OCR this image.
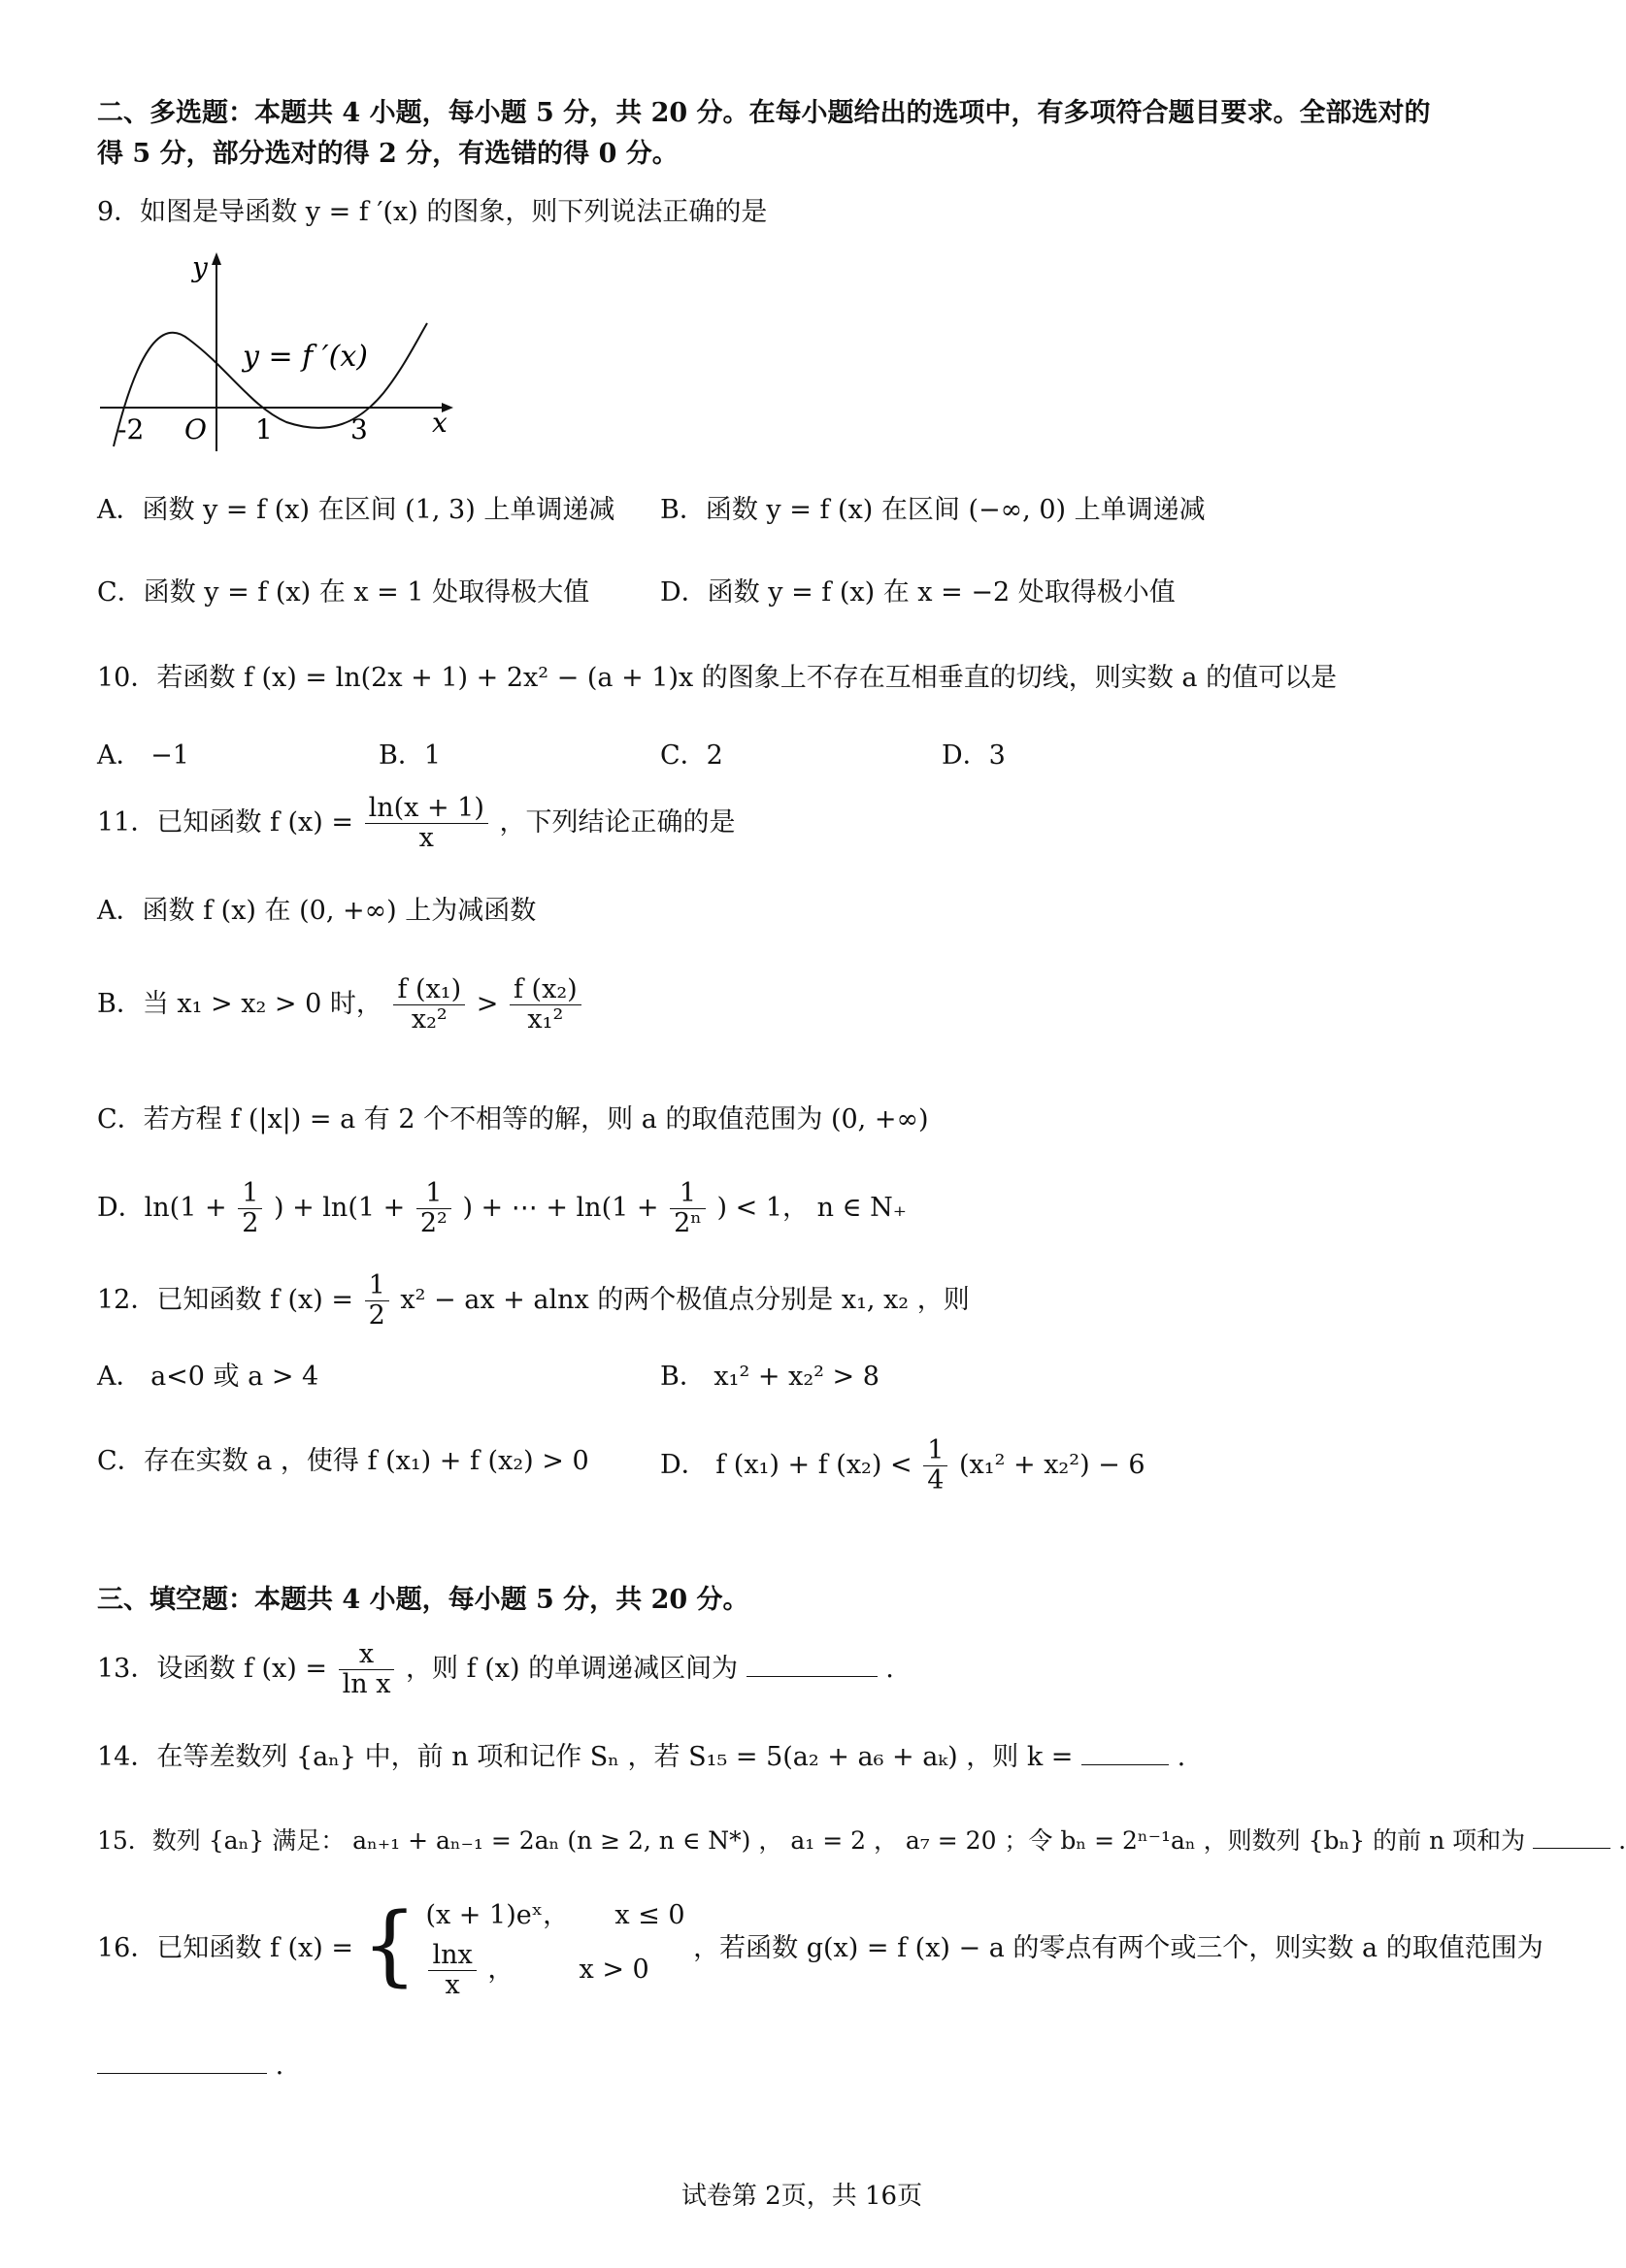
二、多选题：本题共 4 小题，每小题 5 分，共 20 分。在每小题给出的选项中，有多项符合题目要求。全部选对的
得 5 分，部分选对的得 2 分，有选错的得 0 分。
9．如图是导函数 y = f ′(x) 的图象，则下列说法正确的是
y
x
y = f ′(x)
O
-2	1	3
A．函数 y = f (x) 在区间 (1, 3) 上单调递减 B．函数 y = f (x) 在区间 (−∞, 0) 上单调递减
C．函数 y = f (x) 在 x = 1 处取得极大值	D．函数 y = f (x) 在 x = −2 处取得极小值
10．若函数 f (x) = ln(2x + 1) + 2x² − (a + 1)x 的图象上不存在互相垂直的切线，则实数 a 的值可以是
A． −1	B．1	C．2	D．3
11．已知函数 f $(x) = \frac{\ln(x + 1)}{x}$ ，下列结论正确的是
A．函数 f (x) 在 (0, +∞) 上为减函数
B．当 x₁ > x₂ > 0 时， $\frac{\text{f (x₁)}}{\text{x₂²}} > \frac{\text{f (x₂)}}{\text{x₁²}}$
C．若方程 f (|x|) = a 有 2 个不相等的解，则 a 的取值范围为 (0, +∞)
D．$\ln(1 + \frac{1}{2}$ ) + $\ln(1 + \frac{1}{\text{2²}}$ ) + ⋯ + $\ln(1 + \frac{1}{\text{2ⁿ}}$ ) < 1， n ∈ N₊
12．已知函数 f $(x) = \frac{1}{2} x^2$ − ax + alnx 的两个极值点分别是 x₁, x₂ ，则
A． a<0 或 a > 4	B． x₁² + x₂² > 8
C．存在实数 a ，使得 f (x₁) + f (x₂) > 0	D． f (x₁) + f $(x_2) < \frac{1}{4} (x_1^2 + x_2^2) - 6$
三、填空题：本题共 4 小题，每小题 5 分，共 20 分。
13．设函数 f $(x) = \frac{x}{\text{ln x}}$ ，则 f (x) 的单调递减区间为	.
14．在等差数列 {aₙ} 中，前 n 项和记作 Sₙ ，若 S₁₅ = 5(a₂ + a₆ + aₖ) ，则 k =	.
15．数列 {aₙ} 满足： aₙ₊₁ + aₙ₋₁ = 2aₙ (n ≥ 2, n ∈ N*) ， a₁ = 2 ， a₇ = 20 ；令 bₙ = 2ⁿ⁻¹aₙ ，则数列 {bₙ} 的前 n 项和为	.
16．已知函数 f (x) = { (x + 1)eˣ， x ≤ 0
$\frac{\ln x}{x}$ ， x > 0
，若函数 g(x) = f (x) − a 的零点有两个或三个，则实数 a 的取值范围为
.
试卷第 2页，共 16页
